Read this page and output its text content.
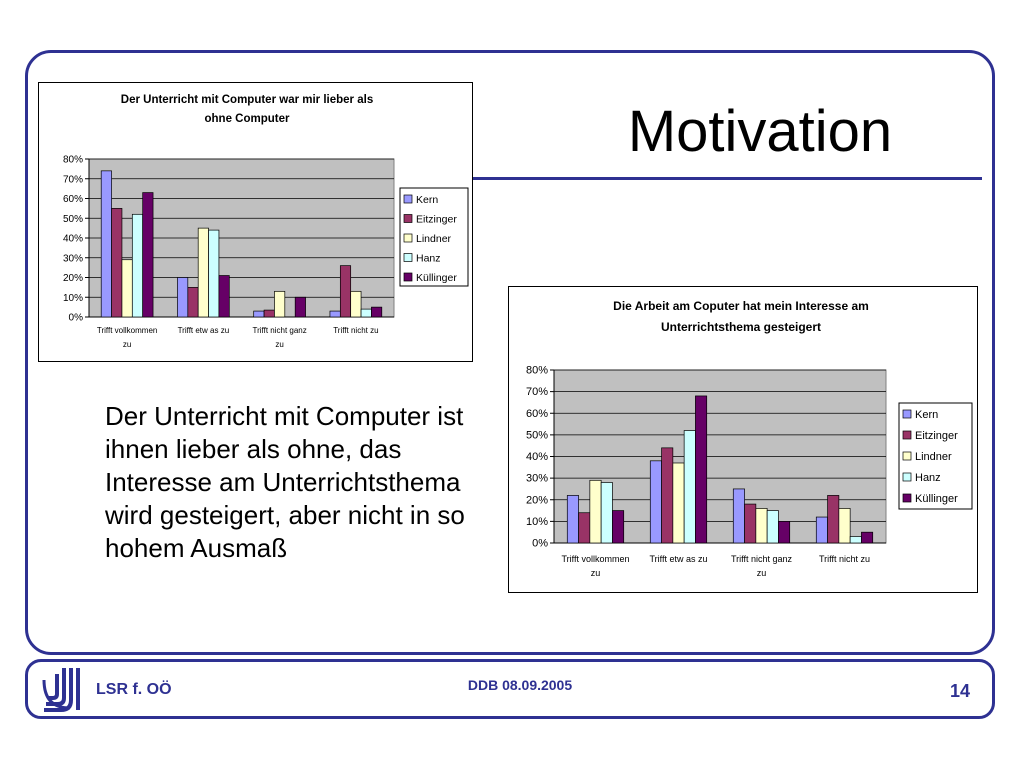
Motivation
Der Unterricht mit Computer war mir lieber als
ohne Computer
0%
10%
20%
30%
40%
50%
60%
70%
80%
Trifft vollkommen
zu
Trifft etw as zu	Trifft nicht ganz
zu
Trifft nicht zu
Kern
Eitzinger
Lindner
Hanz
Küllinger
Die Arbeit am Coputer hat mein Interesse am
Unterrichtsthema gesteigert
0%
10%
20%
30%
40%
50%
60%
70%
80%
Trifft vollkommen
zu
Trifft etw as zu	Trifft nicht ganz
zu
Trifft nicht zu
Kern
Eitzinger
Lindner
Hanz
Küllinger
Der Unterricht mit Computer ist ihnen lieber als ohne, das Interesse am Unterrichtsthema wird gesteigert, aber nicht in so hohem Ausmaß
LSR f. OÖ	DDB 08.09.2005	14
